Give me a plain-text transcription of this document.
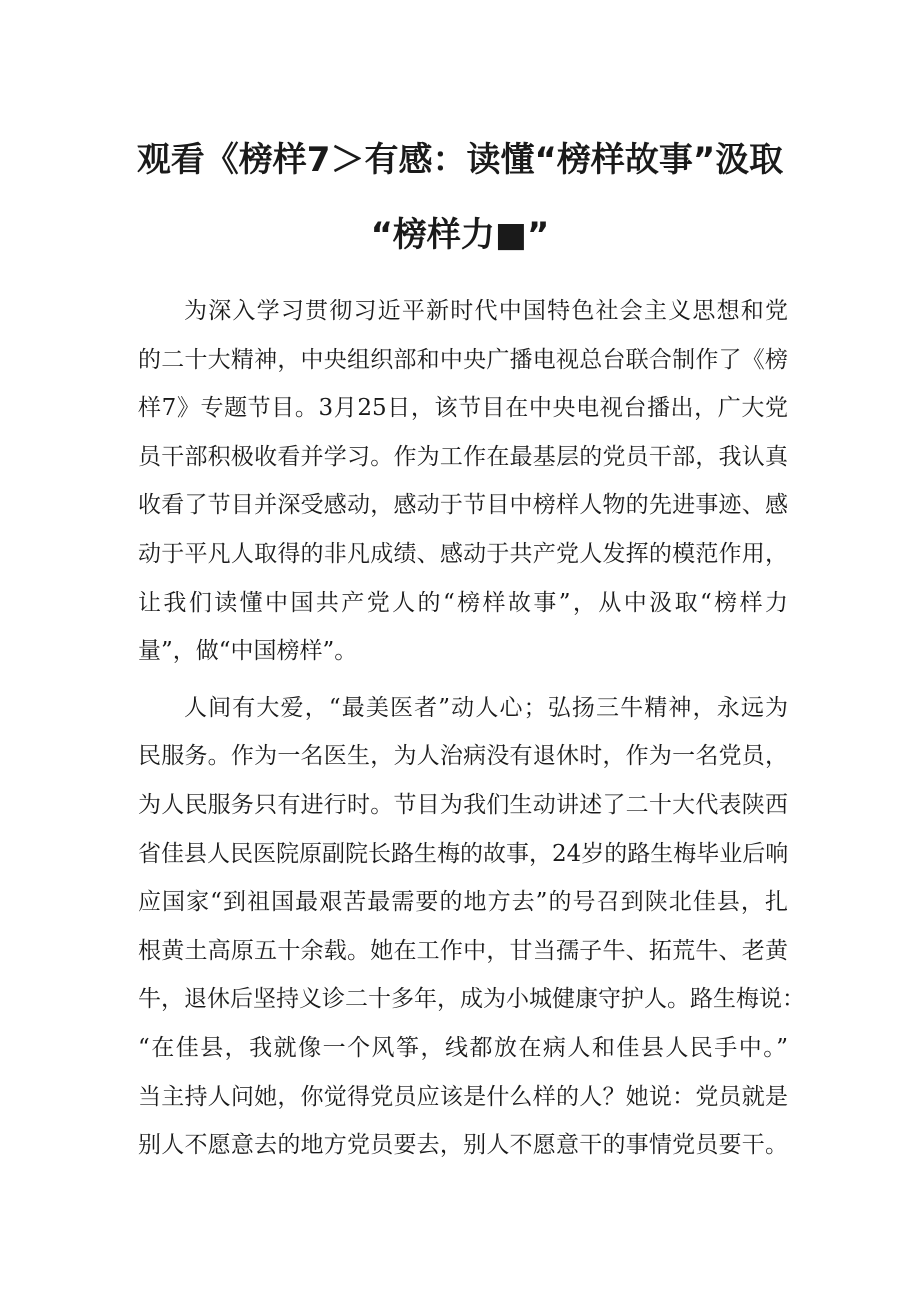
观看《榜样7＞有感：读懂“榜样故事”汲取
“榜样力■”
为深入学习贯彻习近平新时代中国特色社会主义思想和党
的二十大精神，中央组织部和中央广播电视总台联合制作了《榜
样7》专题节目。3月25日，该节目在中央电视台播出，广大党
员干部积极收看并学习。作为工作在最基层的党员干部，我认真
收看了节目并深受感动，感动于节目中榜样人物的先进事迹、感
动于平凡人取得的非凡成绩、感动于共产党人发挥的模范作用，
让我们读懂中国共产党人的“榜样故事”，从中汲取“榜样力
量”，做“中国榜样”。
人间有大爱，“最美医者”动人心；弘扬三牛精神，永远为
民服务。作为一名医生，为人治病没有退休时，作为一名党员，
为人民服务只有进行时。节目为我们生动讲述了二十大代表陕西
省佳县人民医院原副院长路生梅的故事，24岁的路生梅毕业后响
应国家“到祖国最艰苦最需要的地方去”的号召到陕北佳县，扎
根黄土高原五十余载。她在工作中，甘当孺子牛、拓荒牛、老黄
牛，退休后坚持义诊二十多年，成为小城健康守护人。路生梅说：
“在佳县，我就像一个风筝，线都放在病人和佳县人民手中。”
当主持人问她，你觉得党员应该是什么样的人？她说：党员就是
别人不愿意去的地方党员要去，别人不愿意干的事情党员要干。
